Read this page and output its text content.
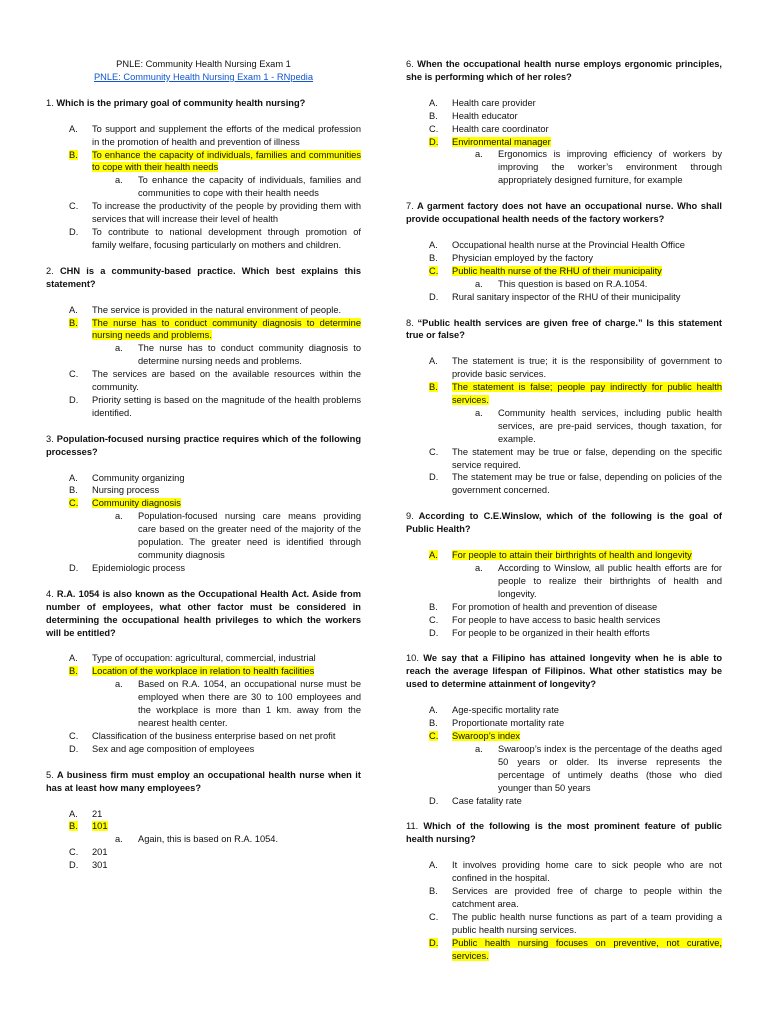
PNLE: Community Health Nursing Exam 1
PNLE: Community Health Nursing Exam 1 - RNpedia
1. Which is the primary goal of community health nursing?
A.	To support and supplement the efforts of the medical profession in the promotion of health and prevention of illness
B.	To enhance the capacity of individuals, families and communities to cope with their health needs
a.	To enhance the capacity of individuals, families and communities to cope with their health needs
C.	To increase the productivity of the people by providing them with services that will increase their level of health
D.	To contribute to national development through promotion of family welfare, focusing particularly on mothers and children.
2. CHN is a community-based practice. Which best explains this statement?
A.	The service is provided in the natural environment of people.
B.	The nurse has to conduct community diagnosis to determine nursing needs and problems.
a.	The nurse has to conduct community diagnosis to determine nursing needs and problems.
C.	The services are based on the available resources within the community.
D.	Priority setting is based on the magnitude of the health problems identified.
3. Population-focused nursing practice requires which of the following processes?
A.	Community organizing
B.	Nursing process
C.	Community diagnosis
a.	Population-focused nursing care means providing care based on the greater need of the majority of the population. The greater need is identified through community diagnosis
D.	Epidemiologic process
4. R.A. 1054 is also known as the Occupational Health Act. Aside from number of employees, what other factor must be considered in determining the occupational health privileges to which the workers will be entitled?
A.	Type of occupation: agricultural, commercial, industrial
B.	Location of the workplace in relation to health facilities
a.	Based on R.A. 1054, an occupational nurse must be employed when there are 30 to 100 employees and the workplace is more than 1 km. away from the nearest health center.
C.	Classification of the business enterprise based on net profit
D.	Sex and age composition of employees
5. A business firm must employ an occupational health nurse when it has at least how many employees?
A.	21
B.	101
a.	Again, this is based on R.A. 1054.
C.	201
D.	301
6. When the occupational health nurse employs ergonomic principles, she is performing which of her roles?
A.	Health care provider
B.	Health educator
C.	Health care coordinator
D.	Environmental manager
a.	Ergonomics is improving efficiency of workers by improving the worker’s environment through appropriately designed furniture, for example
7. A garment factory does not have an occupational nurse. Who shall provide occupational health needs of the factory workers?
A.	Occupational health nurse at the Provincial Health Office
B.	Physician employed by the factory
C.	Public health nurse of the RHU of their municipality
a.	This question is based on R.A.1054.
D.	Rural sanitary inspector of the RHU of their municipality
8. “Public health services are given free of charge.” Is this statement true or false?
A.	The statement is true; it is the responsibility of government to provide basic services.
B.	The statement is false; people pay indirectly for public health services.
a.	Community health services, including public health services, are pre-paid services, though taxation, for example.
C.	The statement may be true or false, depending on the specific service required.
D.	The statement may be true or false, depending on policies of the government concerned.
9. According to C.E.Winslow, which of the following is the goal of Public Health?
A.	For people to attain their birthrights of health and longevity
a.	According to Winslow, all public health efforts are for people to realize their birthrights of health and longevity.
B.	For promotion of health and prevention of disease
C.	For people to have access to basic health services
D.	For people to be organized in their health efforts
10. We say that a Filipino has attained longevity when he is able to reach the average lifespan of Filipinos. What other statistics may be used to determine attainment of longevity?
A.	Age-specific mortality rate
B.	Proportionate mortality rate
C.	Swaroop’s index
a.	Swaroop’s index is the percentage of the deaths aged 50 years or older. Its inverse represents the percentage of untimely deaths (those who died younger than 50 years
D.	Case fatality rate
11. Which of the following is the most prominent feature of public health nursing?
A.	It involves providing home care to sick people who are not confined in the hospital.
B.	Services are provided free of charge to people within the catchment area.
C.	The public health nurse functions as part of a team providing a public health nursing services.
D.	Public health nursing focuses on preventive, not curative, services.
